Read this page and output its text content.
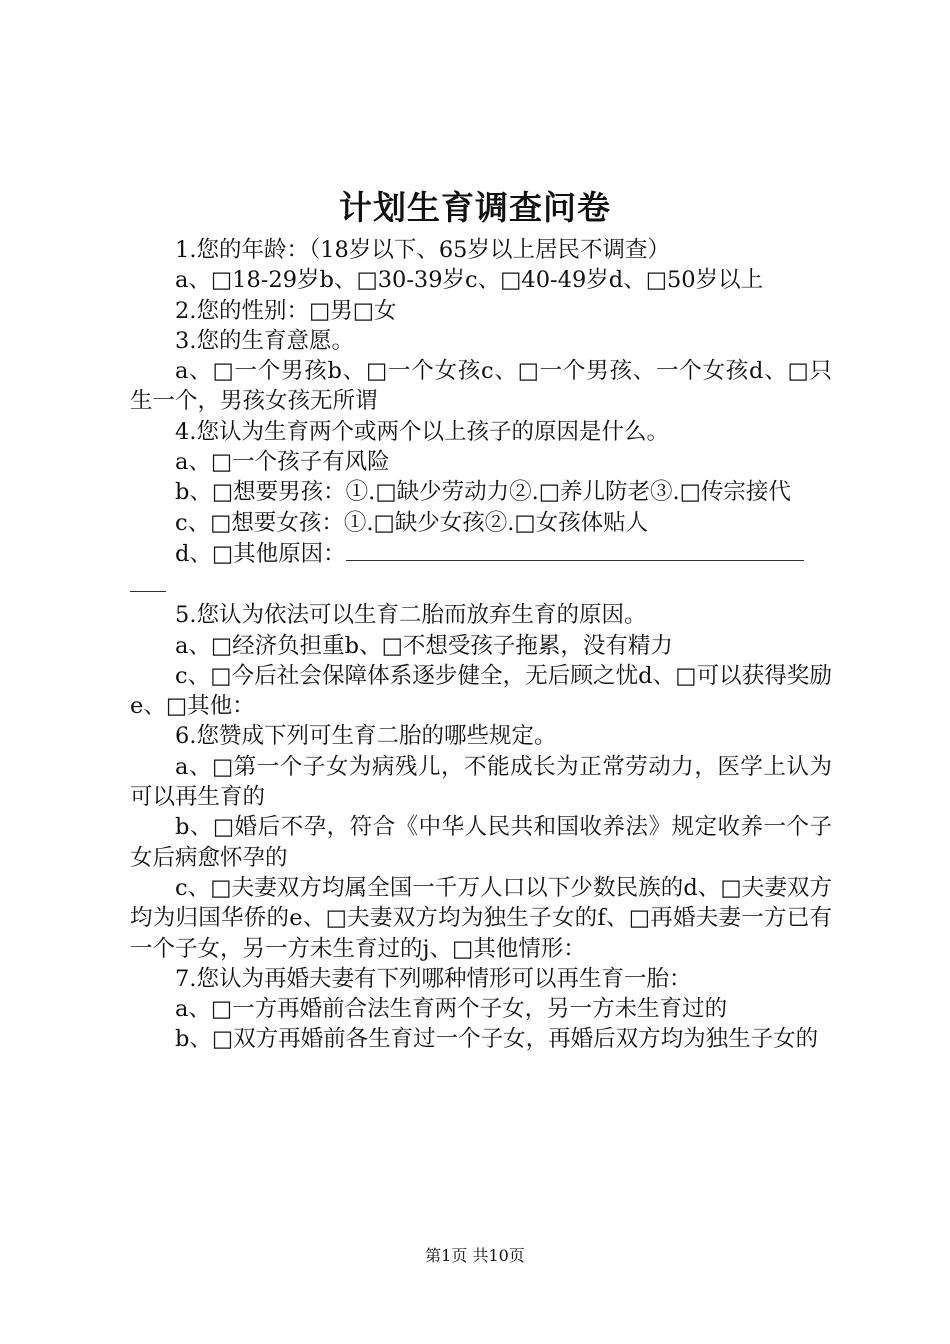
计划生育调查问卷

1.您的年龄：（18岁以下、65岁以上居民不调查）

a、□18-29岁b、□30-39岁c、□40-49岁d、□50岁以上

2.您的性别：□男□女

3.您的生育意愿。

a、□一个男孩b、□一个女孩c、□一个男孩、一个女孩d、□只生一个，男孩女孩无所谓

4.您认为生育两个或两个以上孩子的原因是什么。

a、□一个孩子有风险

b、□想要男孩：①.□缺少劳动力②.□养儿防老③.□传宗接代

c、□想要女孩：①.□缺少女孩②.□女孩体贴人

d、□其他原因：

5.您认为依法可以生育二胎而放弃生育的原因。

a、□经济负担重b、□不想受孩子拖累，没有精力

c、□今后社会保障体系逐步健全，无后顾之忧d、□可以获得奖励e、□其他：

6.您赞成下列可生育二胎的哪些规定。

a、□第一个子女为病残儿，不能成长为正常劳动力，医学上认为可以再生育的

b、□婚后不孕，符合《中华人民共和国收养法》规定收养一个子女后病愈怀孕的

c、□夫妻双方均属全国一千万人口以下少数民族的d、□夫妻双方均为归国华侨的e、□夫妻双方均为独生子女的f、□再婚夫妻一方已有一个子女，另一方未生育过的j、□其他情形：

7.您认为再婚夫妻有下列哪种情形可以再生育一胎：

a、□一方再婚前合法生育两个子女，另一方未生育过的

b、□双方再婚前各生育过一个子女，再婚后双方均为独生子女的

第1页 共10页
